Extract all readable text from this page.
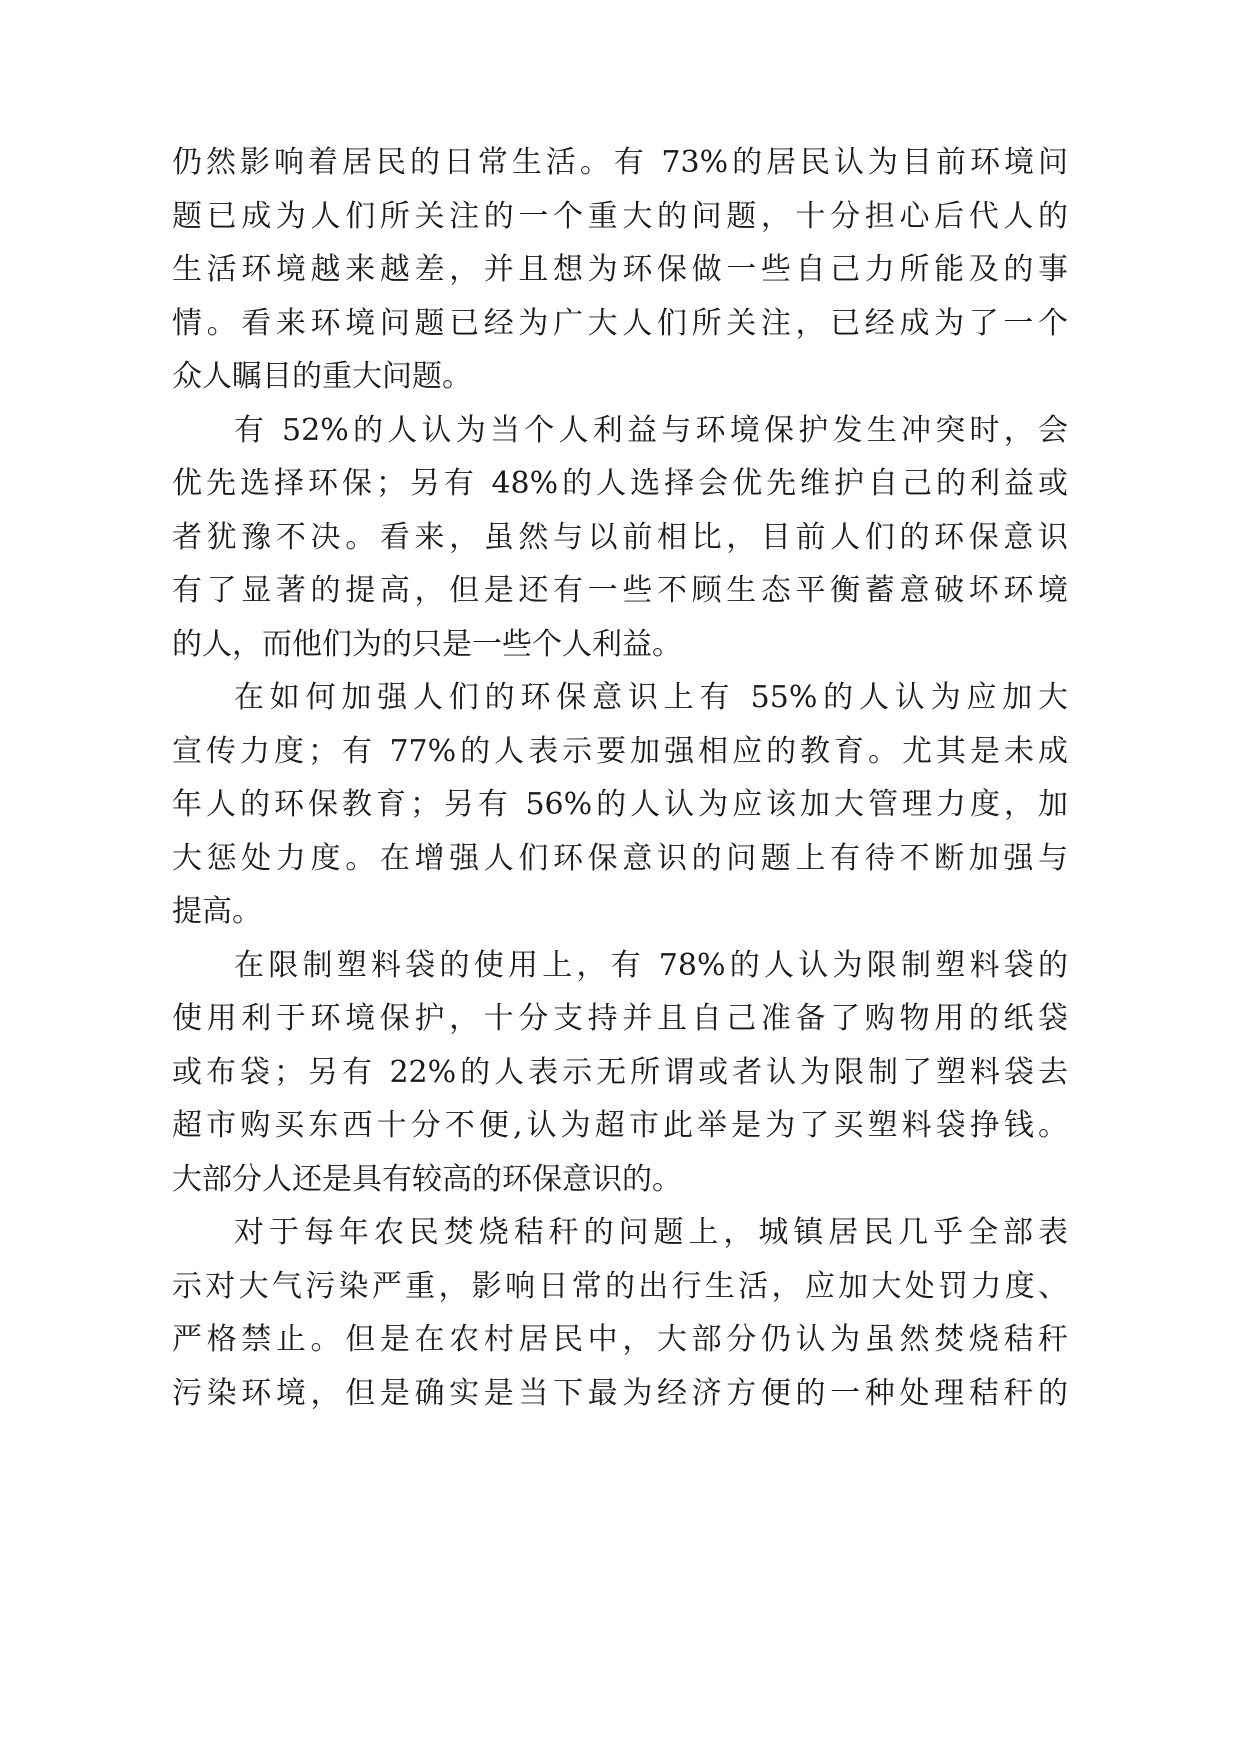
仍然影响着居民的日常生活。有 73%的居民认为目前环境问
题已成为人们所关注的一个重大的问题，十分担心后代人的
生活环境越来越差，并且想为环保做一些自己力所能及的事
情。看来环境问题已经为广大人们所关注，已经成为了一个
众人瞩目的重大问题。
有 52%的人认为当个人利益与环境保护发生冲突时，会
优先选择环保；另有 48%的人选择会优先维护自己的利益或
者犹豫不决。看来，虽然与以前相比，目前人们的环保意识
有了显著的提高，但是还有一些不顾生态平衡蓄意破坏环境
的人，而他们为的只是一些个人利益。
在如何加强人们的环保意识上有 55%的人认为应加大
宣传力度；有 77%的人表示要加强相应的教育。尤其是未成
年人的环保教育；另有 56%的人认为应该加大管理力度，加
大惩处力度。在增强人们环保意识的问题上有待不断加强与
提高。
在限制塑料袋的使用上，有 78%的人认为限制塑料袋的
使用利于环境保护，十分支持并且自己准备了购物用的纸袋
或布袋；另有 22%的人表示无所谓或者认为限制了塑料袋去
超市购买东西十分不便,认为超市此举是为了买塑料袋挣钱。
大部分人还是具有较高的环保意识的。
对于每年农民焚烧秸秆的问题上，城镇居民几乎全部表
示对大气污染严重，影响日常的出行生活，应加大处罚力度、
严格禁止。但是在农村居民中，大部分仍认为虽然焚烧秸秆
污染环境，但是确实是当下最为经济方便的一种处理秸秆的
